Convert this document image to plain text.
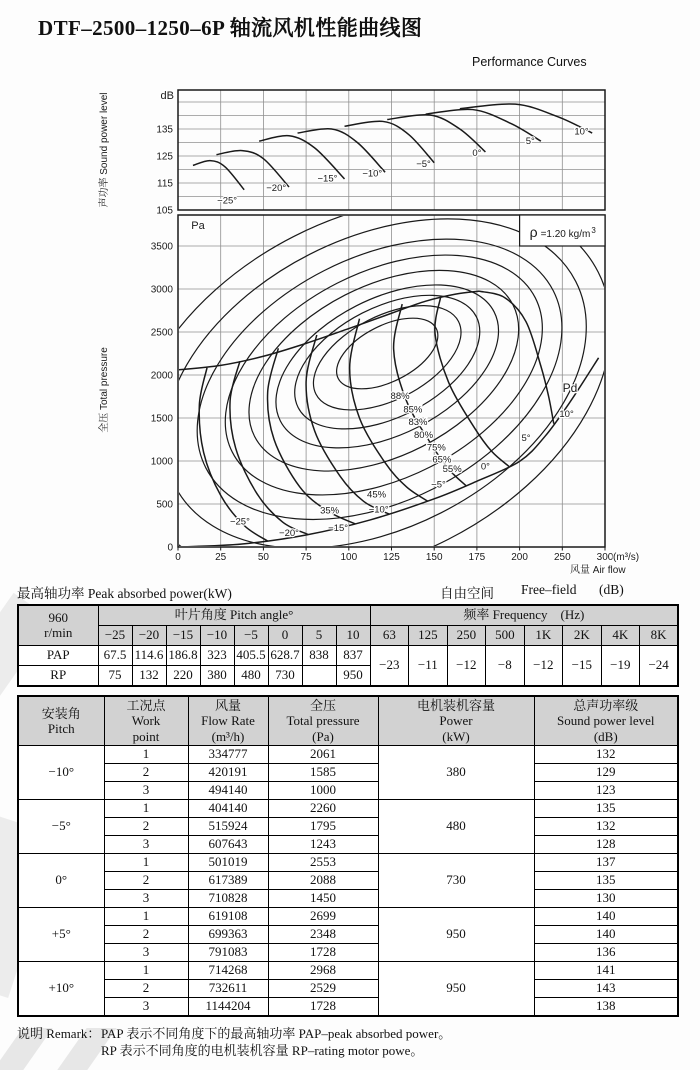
DTF–2500–1250–6P 轴流风机性能曲线图
Performance Curves
135
125
115
105
dB
声功率 Sound power level	−25°
−20°
−15°	−10°
−5°
0°
5°
10°
3500
3000
2500
2000
1500
1000
500
0
Pa
全压 Total pressure
ρ =1.20 $kg/m^3$
88%
85%
83%
80%
75%
65%
55%
45%
35%
−25°
−20°	−15°
−10°
−5°
0°
5°
10°
Pd
0	25	50	75	100	125	150	175	200	250	300 (m³/s)
风量 Air flow
最高轴功率 Peak absorbed power(kW)	自由空间 Free–field (dB)
960
r/min	叶片角度 Pitch angle°								频率 Frequency　(Hz)							
	−25	−20	−15	−10	−5	0	5	10	63	125	250	500	1K	2K	4K	8K
PAP	67.5	114.6	186.8	323	405.5	628.7	838	837	−23	−11	−12	−8	−12	−15	−19	−24
RP	75	132	220	380	480	730		950								
安装角
Pitch	工况点
Work
point	风量
Flow Rate
(m³/h)	全压
Total pressure
(Pa)	电机装机容量
Power
(kW)	总声功率级
Sound power level
(dB)
−10°	1	334777	2061	380	132
	2	420191	1585		129
	3	494140	1000		123
−5°	1	404140	2260	480	135
	2	515924	1795		132
	3	607643	1243		128
0°	1	501019	2553	730	137
	2	617389	2088		135
	3	710828	1450		130
+5°	1	619108	2699	950	140
	2	699363	2348		140
	3	791083	1728		136
+10°	1	714268	2968	950	141
	2	732611	2529		143
	3	1144204	1728		138
说明 Remark： PAP 表示不同角度下的最高轴功率 PAP–peak absorbed power。
RP 表示不同角度的电机装机容量 RP–rating motor powe。
